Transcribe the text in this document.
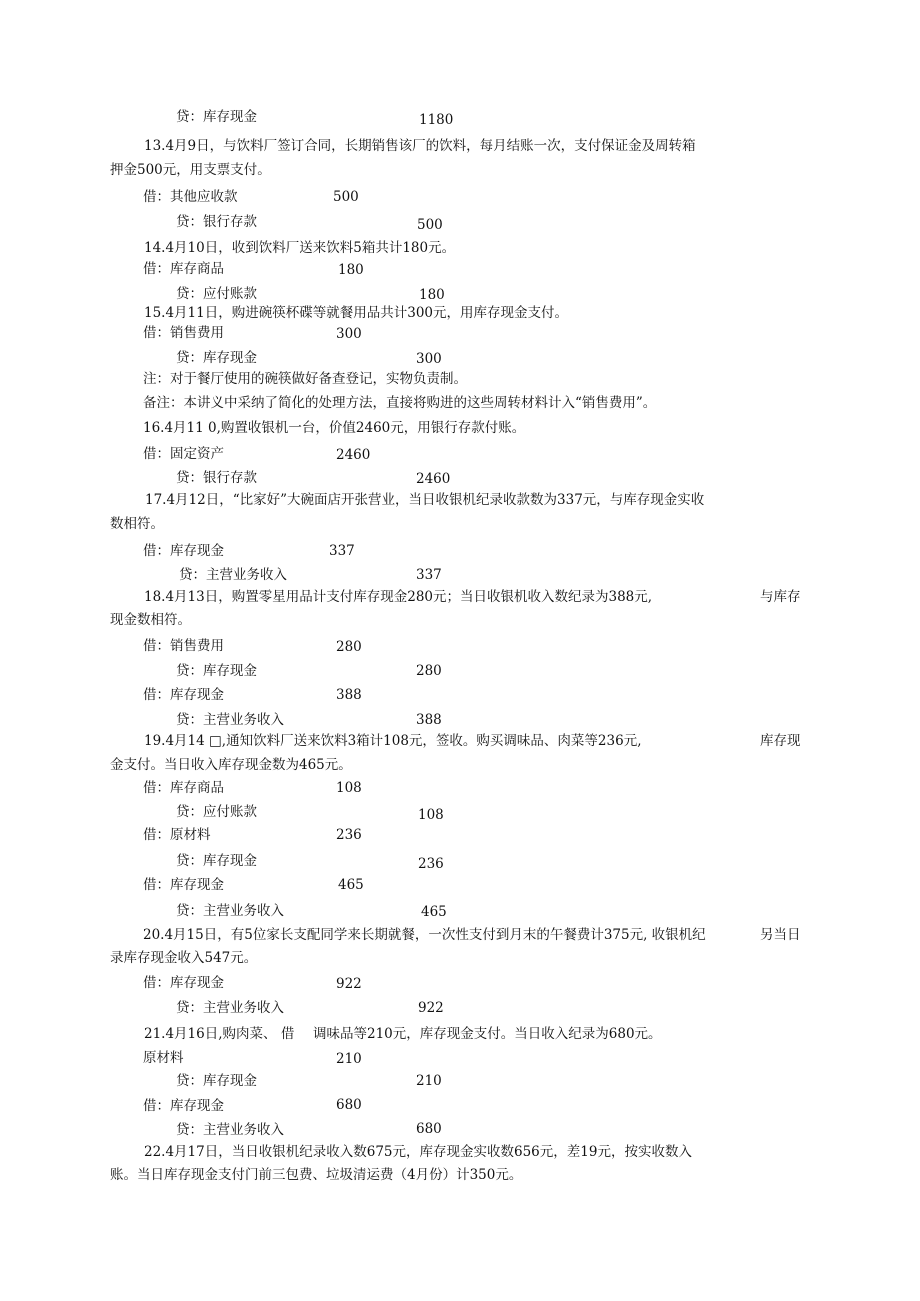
贷：库存现金	1180
13.4月9日，与饮料厂签订合同，长期销售该厂的饮料，每月结账一次，支付保证金及周转箱
押金500元，用支票支付。
借：其他应收款	500
贷：银行存款	500
14.4月10日，收到饮料厂送来饮料5箱共计180元。
借：库存商品	180
贷：应付账款	180
15.4月11日，购进碗筷杯碟等就餐用品共计300元，用库存现金支付。
借：销售费用	300
贷：库存现金	300
注：对于餐厅使用的碗筷做好备查登记，实物负责制。
备注：本讲义中采纳了简化的处理方法，直接将购进的这些周转材料计入“销售费用”。
16.4月11 0,购置收银机一台，价值2460元，用银行存款付账。
借：固定资产	2460
贷：银行存款	2460
17.4月12日，“比家好”大碗面店开张营业，当日收银机纪录收款数为337元，与库存现金实收
数相符。
借：库存现金	337
贷：主营业务收入	337
18.4月13日，购置零星用品计支付库存现金280元；当日收银机收入数纪录为388元,	与库存
现金数相符。
借：销售费用	280
贷：库存现金	280
借：库存现金	388
贷：主营业务收入	388
19.4月14 □,通知饮料厂送来饮料3箱计108元，签收。购买调味品、肉菜等236元,	库存现
金支付。当日收入库存现金数为465元。
借：库存商品	108
贷：应付账款	108
借：原材料	236
贷：库存现金	236
借：库存现金	465
贷：主营业务收入	465
20.4月15日，有5位家长支配同学来长期就餐，一次性支付到月末的午餐费计375元, 收银机纪	另当日
录库存现金收入547元。
借：库存现金	922
贷：主营业务收入	922
21.4月16日,购肉菜、 借 调味品等210元，库存现金支付。当日收入纪录为680元。
原材料	210
贷：库存现金	210
借：库存现金	680
贷：主营业务收入	680
22.4月17日，当日收银机纪录收入数675元，库存现金实收数656元，差19元，按实收数入
账。当日库存现金支付门前三包费、垃圾清运费（4月份）计350元。
